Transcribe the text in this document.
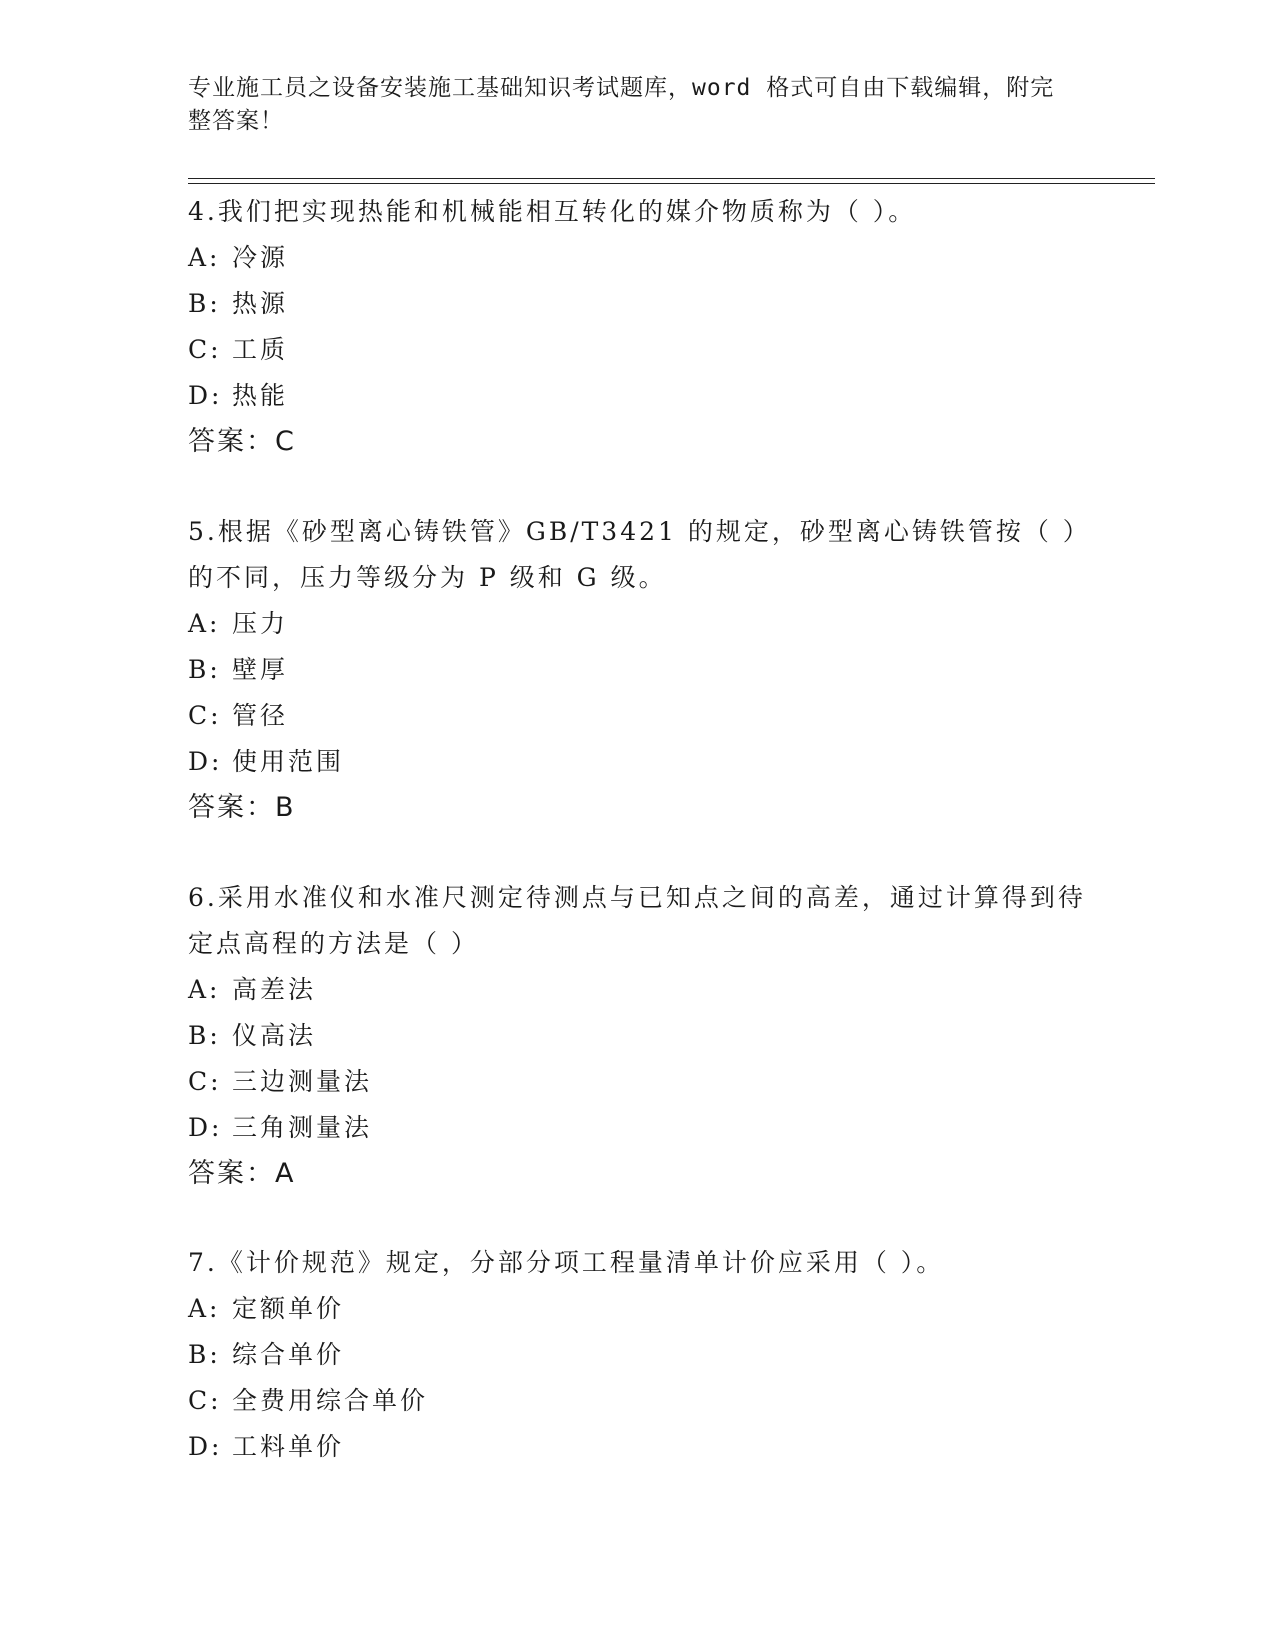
专业施工员之设备安装施工基础知识考试题库，word 格式可自由下载编辑，附完整答案！
4.我们把实现热能和机械能相互转化的媒介物质称为（ ）。
A: 冷源
B: 热源
C: 工质
D: 热能
答案：C
5.根据《砂型离心铸铁管》GB/T3421 的规定，砂型离心铸铁管按（ ）的不同，压力等级分为 P 级和 G 级。
A: 压力
B: 壁厚
C: 管径
D: 使用范围
答案：B
6.采用水准仪和水准尺测定待测点与已知点之间的高差，通过计算得到待定点高程的方法是（ ）
A: 高差法
B: 仪高法
C: 三边测量法
D: 三角测量法
答案：A
7.《计价规范》规定，分部分项工程量清单计价应采用（ ）。
A: 定额单价
B: 综合单价
C: 全费用综合单价
D: 工料单价
